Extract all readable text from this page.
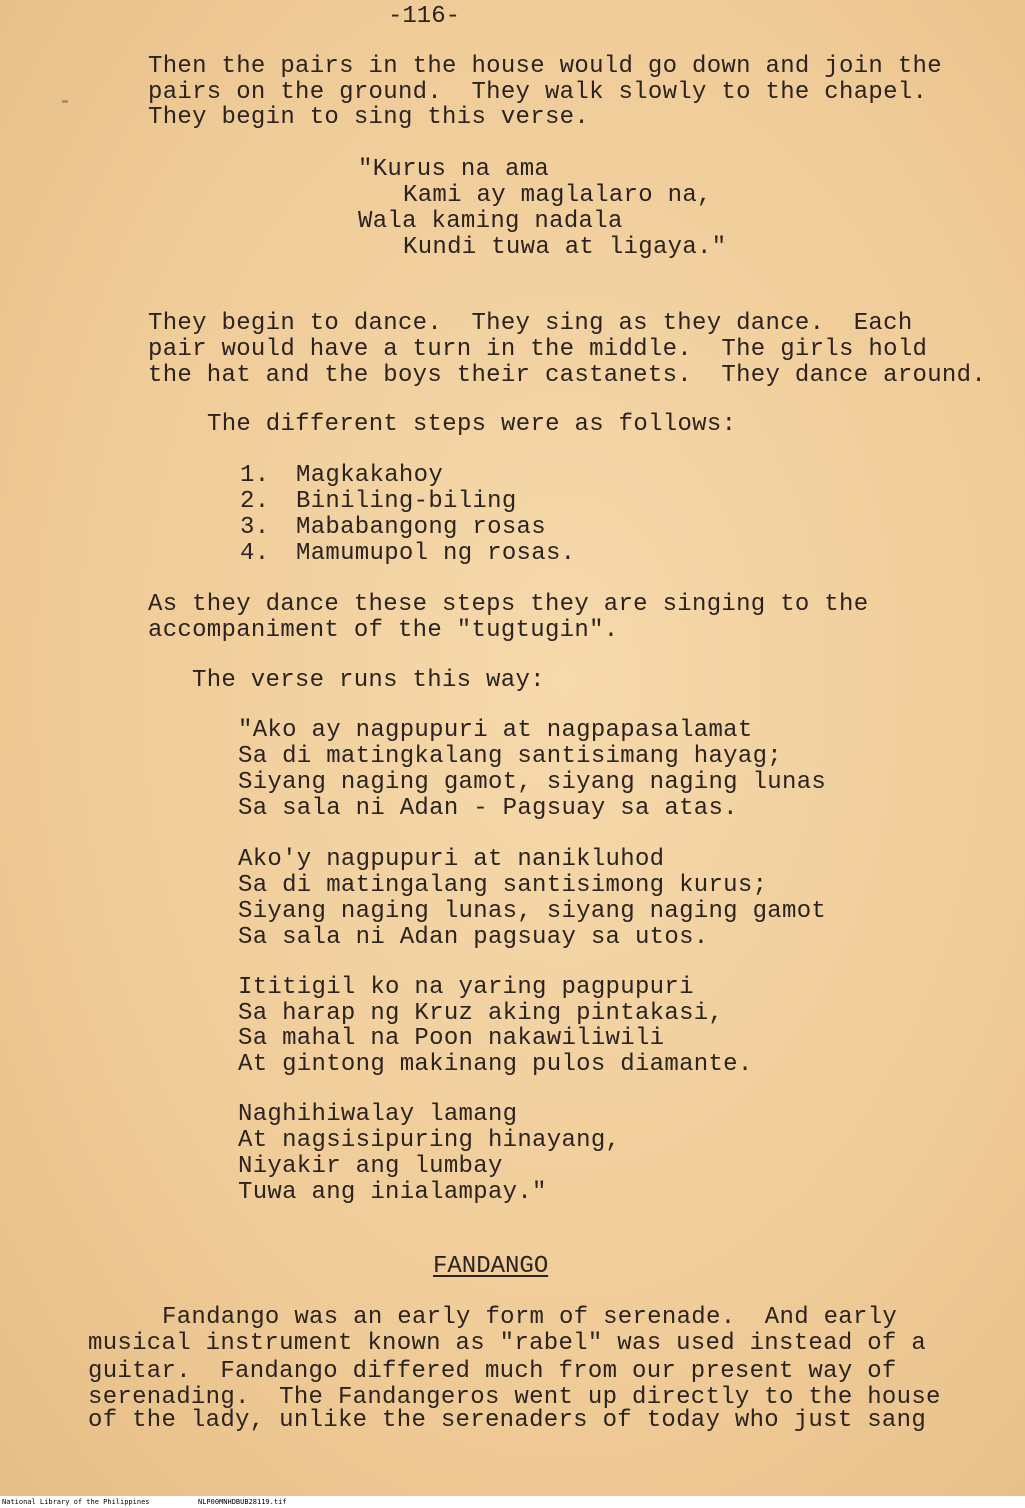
-116-
Then the pairs in the house would go down and join the
pairs on the ground.  They walk slowly to the chapel.
They begin to sing this verse.
"Kurus na ama
Kami ay maglalaro na,
Wala kaming nadala
Kundi tuwa at ligaya."
They begin to dance.  They sing as they dance.  Each
pair would have a turn in the middle.  The girls hold
the hat and the boys their castanets.  They dance around.
The different steps were as follows:
1. Magkakahoy
2. Biniling-biling
3. Mababangong rosas
4. Mamumupol ng rosas.
As they dance these steps they are singing to the
accompaniment of the "tugtugin".
The verse runs this way:
"Ako ay nagpupuri at nagpapasalamat
Sa di matingkalang santisimang hayag;
Siyang naging gamot, siyang naging lunas
Sa sala ni Adan - Pagsuay sa atas.
Ako'y nagpupuri at nanikluhod
Sa di matingalang santisimong kurus;
Siyang naging lunas, siyang naging gamot
Sa sala ni Adan pagsuay sa utos.
Ititigil ko na yaring pagpupuri
Sa harap ng Kruz aking pintakasi,
Sa mahal na Poon nakawiliwili
At gintong makinang pulos diamante.
Naghihiwalay lamang
At nagsisipuring hinayang,
Niyakir ang lumbay
Tuwa ang inialampay."
FANDANGO
Fandango was an early form of serenade.  And early
musical instrument known as "rabel" was used instead of a
guitar.  Fandango differed much from our present way of
serenading.  The Fandangeros went up directly to the house
of the lady, unlike the serenaders of today who just sang
National Library of the Philippines	NLP00MNHDBUB28119.tif
